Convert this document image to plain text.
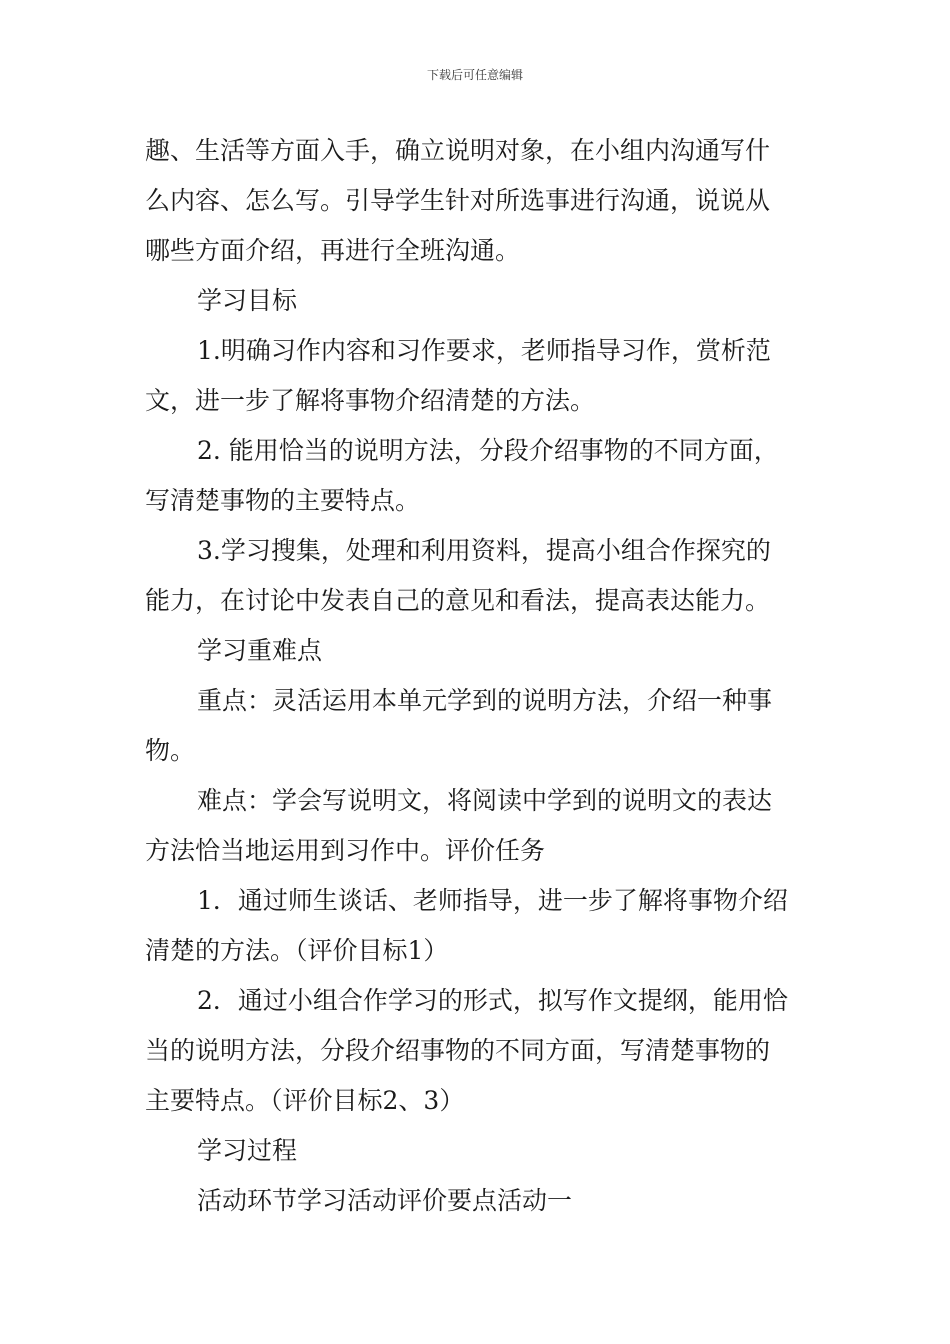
下载后可任意编辑
趣、生活等方面入手，确立说明对象，在小组内沟通写什
么内容、怎么写。引导学生针对所选事进行沟通，说说从
哪些方面介绍，再进行全班沟通。
学习目标
1.明确习作内容和习作要求，老师指导习作，赏析范
文，进一步了解将事物介绍清楚的方法。
2. 能用恰当的说明方法，分段介绍事物的不同方面，
写清楚事物的主要特点。
3.学习搜集，处理和利用资料，提高小组合作探究的
能力，在讨论中发表自己的意见和看法，提高表达能力。
学习重难点
重点：灵活运用本单元学到的说明方法，介绍一种事
物。
难点：学会写说明文，将阅读中学到的说明文的表达
方法恰当地运用到习作中。评价任务
1．通过师生谈话、老师指导，进一步了解将事物介绍
清楚的方法。（评价目标1）
2．通过小组合作学习的形式，拟写作文提纲，能用恰
当的说明方法，分段介绍事物的不同方面，写清楚事物的
主要特点。（评价目标2、3）
学习过程
活动环节学习活动评价要点活动一
